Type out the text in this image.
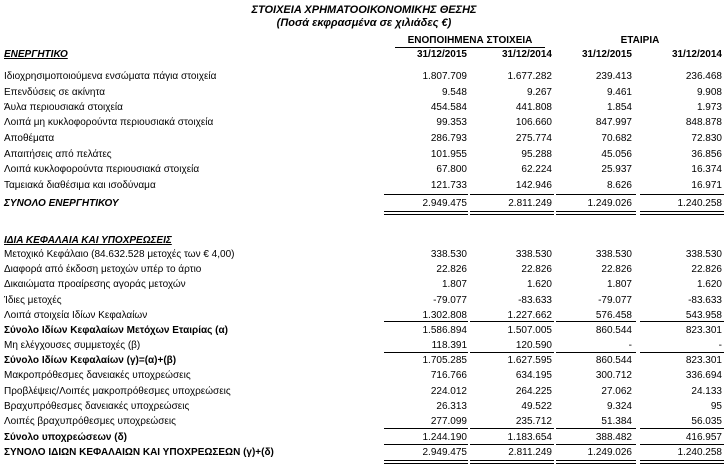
ΣΤΟΙΧΕΙΑ ΧΡΗΜΑΤΟΟΙΚΟΝΟΜΙΚΗΣ ΘΕΣΗΣ
(Ποσά εκφρασμένα σε χιλιάδες €)
ΕΝΟΠΟΙΗΜΕΝΑ ΣΤΟΙΧΕΙΑ	ΕΤΑΙΡΙΑ
ΕΝΕΡΓΗΤΙΚΟ	31/12/2015	31/12/2014	31/12/2015	31/12/2014
Ιδιοχρησιμοποιούμενα ενσώματα πάγια στοιχεία	1.807.709	1.677.282	239.413	236.468
Επενδύσεις σε ακίνητα	9.548	9.267	9.461	9.908
Άυλα περιουσιακά στοιχεία	454.584	441.808	1.854	1.973
Λοιπά μη κυκλοφορούντα περιουσιακά στοιχεία	99.353	106.660	847.997	848.878
Αποθέματα	286.793	275.774	70.682	72.830
Απαιτήσεις από πελάτες	101.955	95.288	45.056	36.856
Λοιπά κυκλοφορούντα περιουσιακά στοιχεία	67.800	62.224	25.937	16.374
Ταμειακά διαθέσιμα και ισοδύναμα	121.733	142.946	8.626	16.971
ΣΥΝΟΛΟ ΕΝΕΡΓΗΤΙΚΟΥ	2.949.475	2.811.249	1.249.026	1.240.258
ΙΔΙΑ ΚΕΦΑΛΑΙΑ ΚΑΙ ΥΠΟΧΡΕΩΣΕΙΣ
Μετοχικό Κεφάλαιο (84.632.528 μετοχές των € 4,00)	338.530	338.530	338.530	338.530
Διαφορά από έκδοση μετοχών υπέρ το άρτιο	22.826	22.826	22.826	22.826
Δικαιώματα προαίρεσης αγοράς μετοχών	1.807	1.620	1.807	1.620
Ίδιες μετοχές	-79.077	-83.633	-79.077	-83.633
Λοιπά στοιχεία Ιδίων Κεφαλαίων	1.302.808	1.227.662	576.458	543.958
Σύνολο Ιδίων Κεφαλαίων Μετόχων Εταιρίας (α)	1.586.894	1.507.005	860.544	823.301
Μη ελέγχουσες συμμετοχές (β)	118.391	120.590	-	-
Σύνολο Ιδίων Κεφαλαίων (γ)=(α)+(β)	1.705.285	1.627.595	860.544	823.301
Μακροπρόθεσμες δανειακές υποχρεώσεις	716.766	634.195	300.712	336.694
Προβλέψεις/Λοιπές μακροπρόθεσμες υποχρεώσεις	224.012	264.225	27.062	24.133
Βραχυπρόθεσμες δανειακές υποχρεώσεις	26.313	49.522	9.324	95
Λοιπές βραχυπρόθεσμες υποχρεώσεις	277.099	235.712	51.384	56.035
Σύνολο υποχρεώσεων (δ)	1.244.190	1.183.654	388.482	416.957
ΣΥΝΟΛΟ ΙΔΙΩΝ ΚΕΦΑΛΑΙΩΝ ΚΑΙ ΥΠΟΧΡΕΩΣΕΩΝ (γ)+(δ)	2.949.475	2.811.249	1.249.026	1.240.258
